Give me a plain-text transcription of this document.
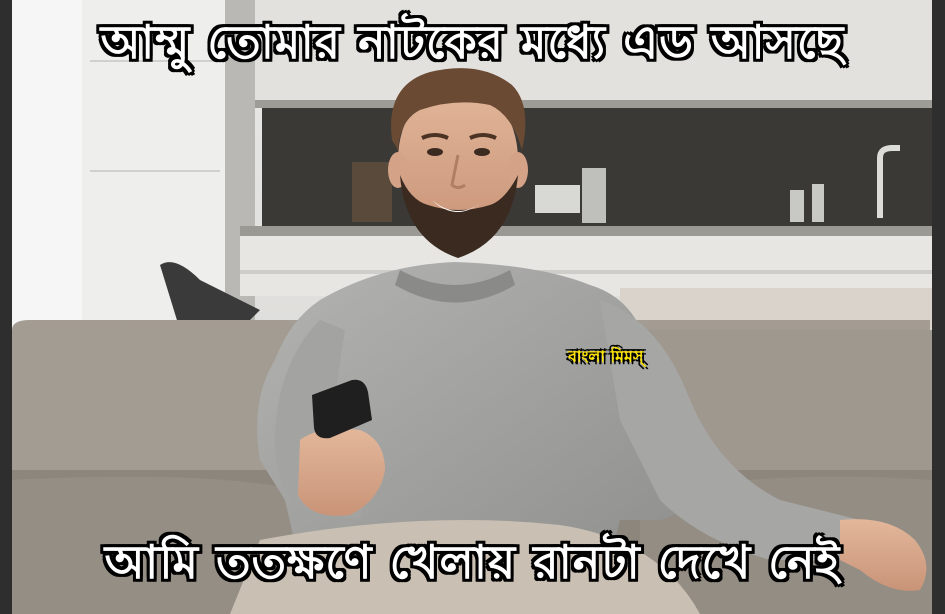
আম্মু তোমার নাটকের মধ্যে এড আসছে
আমি ততক্ষণে খেলায় রানটা দেখে নেই
বাংলা মিমস্
